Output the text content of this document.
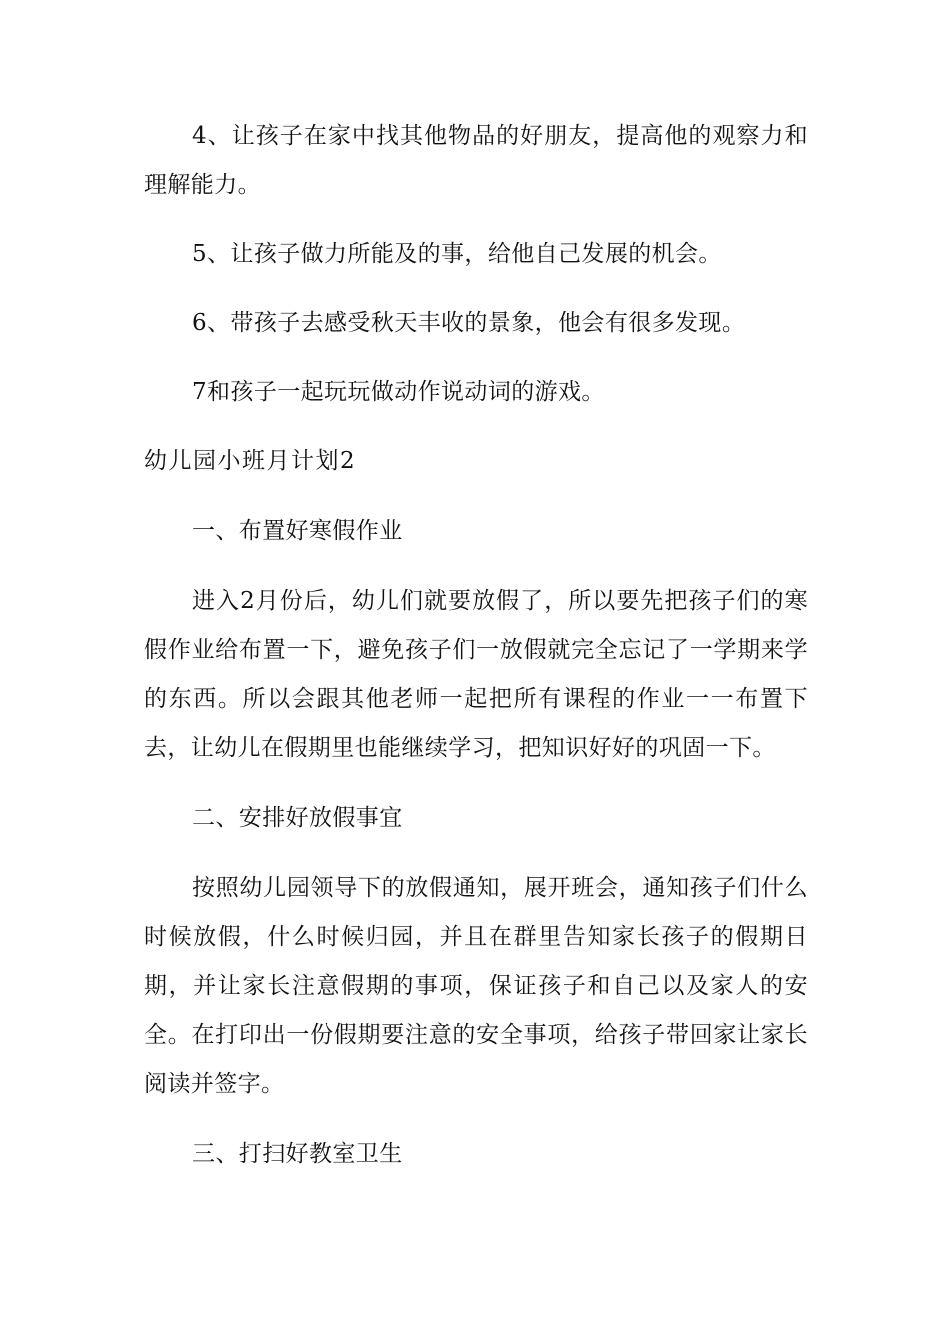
4、让孩子在家中找其他物品的好朋友，提高他的观察力和理解能力。

5、让孩子做力所能及的事，给他自己发展的机会。

6、带孩子去感受秋天丰收的景象，他会有很多发现。

7和孩子一起玩玩做动作说动词的游戏。

幼儿园小班月计划2

一、布置好寒假作业

进入2月份后，幼儿们就要放假了，所以要先把孩子们的寒假作业给布置一下，避免孩子们一放假就完全忘记了一学期来学的东西。所以会跟其他老师一起把所有课程的作业一一布置下去，让幼儿在假期里也能继续学习，把知识好好的巩固一下。

二、安排好放假事宜

按照幼儿园领导下的放假通知，展开班会，通知孩子们什么时候放假，什么时候归园，并且在群里告知家长孩子的假期日期，并让家长注意假期的事项，保证孩子和自己以及家人的安全。在打印出一份假期要注意的安全事项，给孩子带回家让家长阅读并签字。

三、打扫好教室卫生
